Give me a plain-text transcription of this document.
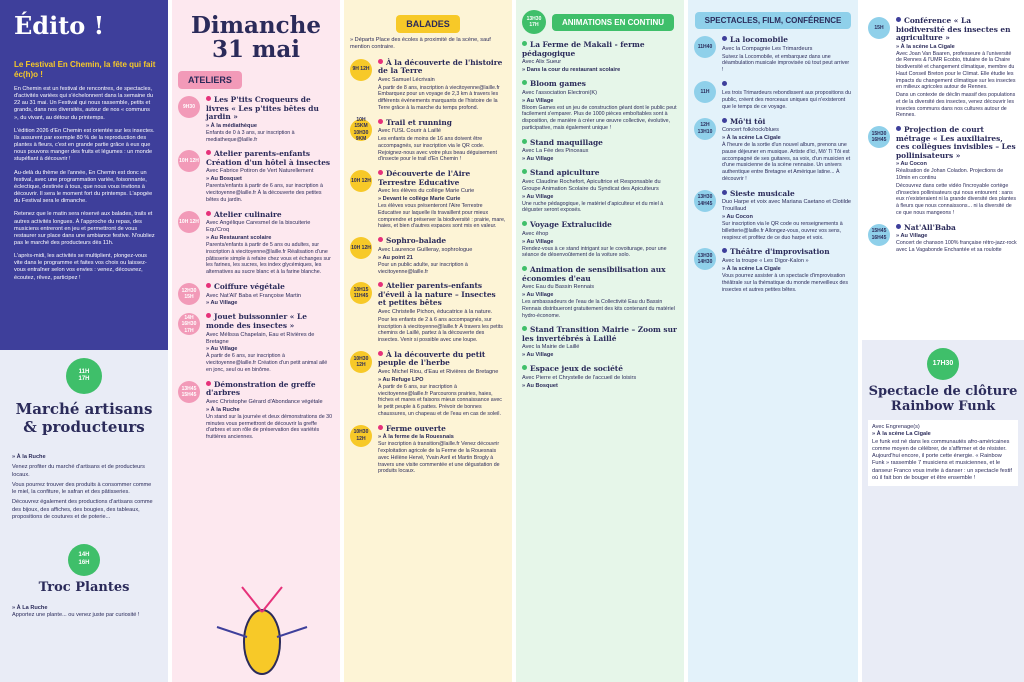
Édito !
Le Festival En Chemin, la fête qui fait éc(h)o !

En Chemin est un festival de rencontres, de spectacles, d'activités variées qui s'échelonnent dans la semaine du 22 au 31 mai. Un Festival qui nous rassemble, petits et grands, dans nos diversités, autour de nos « communs », du vivant, au détour du printemps.

L'édition 2026 d'En Chemin est orientée sur les insectes. Ils assurent par exemple 80 % de la reproduction des plantes à fleurs, c'est en grande partie grâce à eux que nous pouvons manger des fruits et légumes : un monde stupéfiant à découvrir !

Au-delà du thème de l'année, En Chemin est donc un festival, avec une programmation variée, foisonnante, éclectique, destinée à tous, que nous vous invitons à découvrir. Il sera le moment fort du printemps. L'apogée du Festival sera le dimanche.

Retenez que le matin sera réservé aux balades, trails et autres activités longues. À l'approche du repas, des musiciens entreront en jeu et permettront de vous restaurer sur place dans une ambiance festive. N'oubliez pas le marché des producteurs dès 11h.

L'après-midi, les activités se multiplient, plongez-vous vite dans le programme et faites vos choix ou laissez-vous entraîner selon vos envies : venez, découvrez, écoutez, rêvez, participez !

11H
17H
Marché artisans & producteurs
» À la Ruche
Venez profiter du marché d'artisans et de producteurs locaux.
Vous pourrez trouver des produits à consommer comme le miel, la confiture, le safran et des pâtisseries.
Découvrez également des productions d'artisans comme des bijoux, des affiches, des bougies, des tableaux, propositions de coutures et de poterie...
14H
16H
Troc Plantes
» À La Ruche
Apportez une plante... ou venez juste par curiosité !
Dimanche 31 mai
ATELIERS
9H30
Les P'tits Croqueurs de livres « Les p'tites bêtes du jardin »
» À la médiathèque
Enfants de 0 à 3 ans, sur inscription à mediatheque@laille.fr
10H 12H
Atelier parents-enfants Création d'un hôtel à insectes
Avec Fabrice Potiron de Vert Naturellement
» Au Bosquet
Parents/enfants à partir de 6 ans, sur inscription à viecitoyenne@laille.fr À la découverte des petites bêtes du jardin.
10H 12H
Atelier culinaire
Avec Angélique Caresmel de la biscuiterie Equ'Croq
» Au Restaurant scolaire
Parents/enfants à partir de 5 ans ou adultes, sur inscription à viecitoyenne@laille.fr Réalisation d'une pâtisserie simple à refaire chez vous et échanges sur les farines, les sucres, les index glycémiques, les alternatives au sucre blanc et à la farine blanche.
12H30 15H
Coiffure végétale
Avec Nat'All' Baba et Françoise Martin
» Au Village
14H 16H30 17H
Jouet buissonnier « Le monde des insectes »
Avec Mélissa Chapelain, Eau et Rivières de Bretagne
» Au Village
À partir de 6 ans, sur inscription à viecitoyenne@laille.fr Création d'un petit animal ailé en jonc, seul ou en binôme.
13H45 15H45
Démonstration de greffe d'arbres
Avec Christophe Gérard d'Abondance végétale
» À la Ruche
Un stand sur la journée et deux démonstrations de 30 minutes vous permettront de découvrir la greffe d'arbres et son rôle de préservation des variétés fruitières anciennes.
BALADES
» Départs Place des écoles à proximité de la scène, sauf mention contraire.
9H 12H
À la découverte de l'histoire de la Terre
Avec Samuel Lécrivain
À partir de 8 ans, inscription à viecitoyenne@laille.fr Embarquez pour un voyage de 2,3 km à travers les différents événements marquants de l'histoire de la Terre grâce à la marche du temps profond.
10H 15KM 10H30 9KM
Trail et running
Avec l'USL Courir à Laillé
Les enfants de moins de 16 ans doivent être accompagnés, sur inscription via le QR code. Rejoignez-nous avec votre plus beau déguisement d'insecte pour le trail d'En Chemin !
10H 12H
Découverte de l'Aire Terrestre Educative
Avec les élèves du collège Marie Curie
» Devant le collège Marie Curie
Les élèves vous présenteront l'Aire Terrestre Educative sur laquelle ils travaillent pour mieux comprendre et préserver la biodiversité : prairie, mare, haies, et bien d'autres espaces sont mis en valeur.
10H 12H
Sophro-balade
Avec Laurence Guilleray, sophrologue
» Au point 21
Pour un public adulte, sur inscription à viecitoyenne@laille.fr
10H15 11H45
Atelier parents-enfants d'éveil à la nature – Insectes et petites bêtes
Avec Christelle Pichon, éducatrice à la nature.
Pour les enfants de 2 à 6 ans accompagnés, sur inscription à viecitoyenne@laille.fr À travers les petits chemins de Laillé, partez à la découverte des insectes. Venir si possible avec une loupe.
10H30 12H
À la découverte du petit peuple de l'herbe
Avec Michel Riou, d'Eau et Rivières de Bretagne
» Au Refuge LPO
À partir de 6 ans, sur inscription à viecitoyenne@laille.fr Parcourons prairies, haies, friches et mares et faisons mieux connaissance avec le petit peuple à 6 pattes. Prévoir de bonnes chaussures, un chapeau et de l'eau en cas de soleil.
10H30 12H
Ferme ouverte
» À la ferme de la Rouesnais
Sur inscription à transition@laille.fr Venez découvrir l'exploitation agricole de la Ferme de la Rouesnais avec Hélène Hervé, Yvain Avril et Martin Brogly à travers une visite commentée et une dégustation de produits locaux.
13H30 17H	ANIMATIONS EN CONTINU
La Ferme de Makali - ferme pédagogique
Avec Alix Sueur
» Dans la cour du restaurant scolaire
Bloom games
Avec l'association Electroni(K)
» Au Village
Bloom Games est un jeu de construction géant dont le public peut facilement s'emparer. Plus de 1000 pièces emboîtables sont à disposition, de manière à créer une œuvre collective, évolutive, participative, mais également unique !
Stand maquillage
Avec La Fée des Pinceaux
» Au Village
Stand apiculture
Avec Claudine Rochefort, Apicultrice et Responsable du Groupe Animation Scolaire du Syndicat des Apiculteurs
» Au Village
Une ruche pédagogique, le matériel d'apiculteur et du miel à déguster seront exposés.
Voyage Extraluciide
Avec êhop
» Au Village
Rendez-vous à ce stand intrigant sur le covoiturage, pour une séance de désenvoûtement de la voiture solo.
Animation de sensibilisation aux économies d'eau
Avec Eau du Bassin Rennais
» Au Village
Les ambassadeurs de l'eau de la Collectivité Eau du Bassin Rennais distribueront gratuitement des kits contenant du matériel hydro-économe.
Stand Transition Mairie – Zoom sur les invertébrés à Laillé
Avec la Mairie de Laillé
» Au Village
Espace jeux de société
Avec Pierre et Chrystelle de l'accueil de loisirs
» Au Bosquet
SPECTACLES, FILM, CONFÉRENCE
11H40
La locomobile
Avec la Compagnie Les Trimardeurs
Suivez la Locomobile, et embarquez dans une déambulation musicale improvisée où tout peut arriver !
11H	Les trois Trimardeurs rebondissent aux propositions du public, créent des morceaux uniques qui n'existeront que le temps de ce voyage.
12H 13H10
Mô'ti tôi
Concert folk/rock/blues
» À la scène La Cigale
À l'heure de la sortie d'un nouvel album, prenons une pause déjeuner en musique. Artiste d'ici, Mô' Ti Tôi est accompagné de ses guitares, sa voix, d'un musicien et d'une musicienne de la scène rennaise. Un univers authentique entre Bretagne et Amérique latine... À découvrir !
13H30 14H45
Sieste musicale
Duo Harpe et voix avec Mariana Caetano et Clotilde Trouillaud
» Au Cocon
Sur inscription via le QR code ou renseignements à billetterie@laille.fr Allongez-vous, ouvrez vos sens, respirez et profitez de ce duo harpe et voix.
13H30 14H30
Théâtre d'improvisation
Avec la troupe « Les Digor-Kalon »
» À la scène La Cigale
Vous pourrez assister à un spectacle d'improvisation théâtrale sur la thématique du monde merveilleux des insectes et autres petites bêtes.
15H
Conférence « La biodiversité des insectes en agriculture »
» À la scène La Cigale
Avec Joan Van Baaren, professeure à l'université de Rennes & l'UMR Ecobio, titulaire de la Chaire biodiversité et changement climatique, membre du Haut Conseil Breton pour le Climat. Elle étudie les impacts du changement climatique sur les insectes en milieux agricoles autour de Rennes.
Dans un contexte de déclin massif des populations et de la diversité des insectes, venez découvrir les insectes communs dans nos cultures autour de Rennes.
15H30 16H45
Projection de court métrage « Les auxiliaires, ces collègues invisibles – Les pollinisateurs »
» Au Cocon
Réalisation de Johan Coladon. Projections de 10min en continu
Découvrez dans cette vidéo l'incroyable cortège d'insectes pollinisateurs qui nous entourent : sans eux n'existeraient ni la grande diversité des plantes à fleurs que nous connaissons... ni la diversité de ce que nous mangeons !
15H45 16H45
Nat'All'Baba
» Au Village
Concert de chanson 100% française rétro-jazz-rock avec La Vagabonde Enchantée et sa roulotte
17H30
Spectacle de clôture Rainbow Funk
Avec Engrenage(s)
» À la scène La Cigale
Le funk est né dans les communautés afro-américaines comme moyen de célébrer, de s'affirmer et de résister. Aujourd'hui encore, il porte cette énergie. « Rainbow Funk » rassemble 7 musiciens et musiciennes, et le danseur Franco vous invite à danser : un spectacle festif où il fait bon de bouger et être ensemble !
